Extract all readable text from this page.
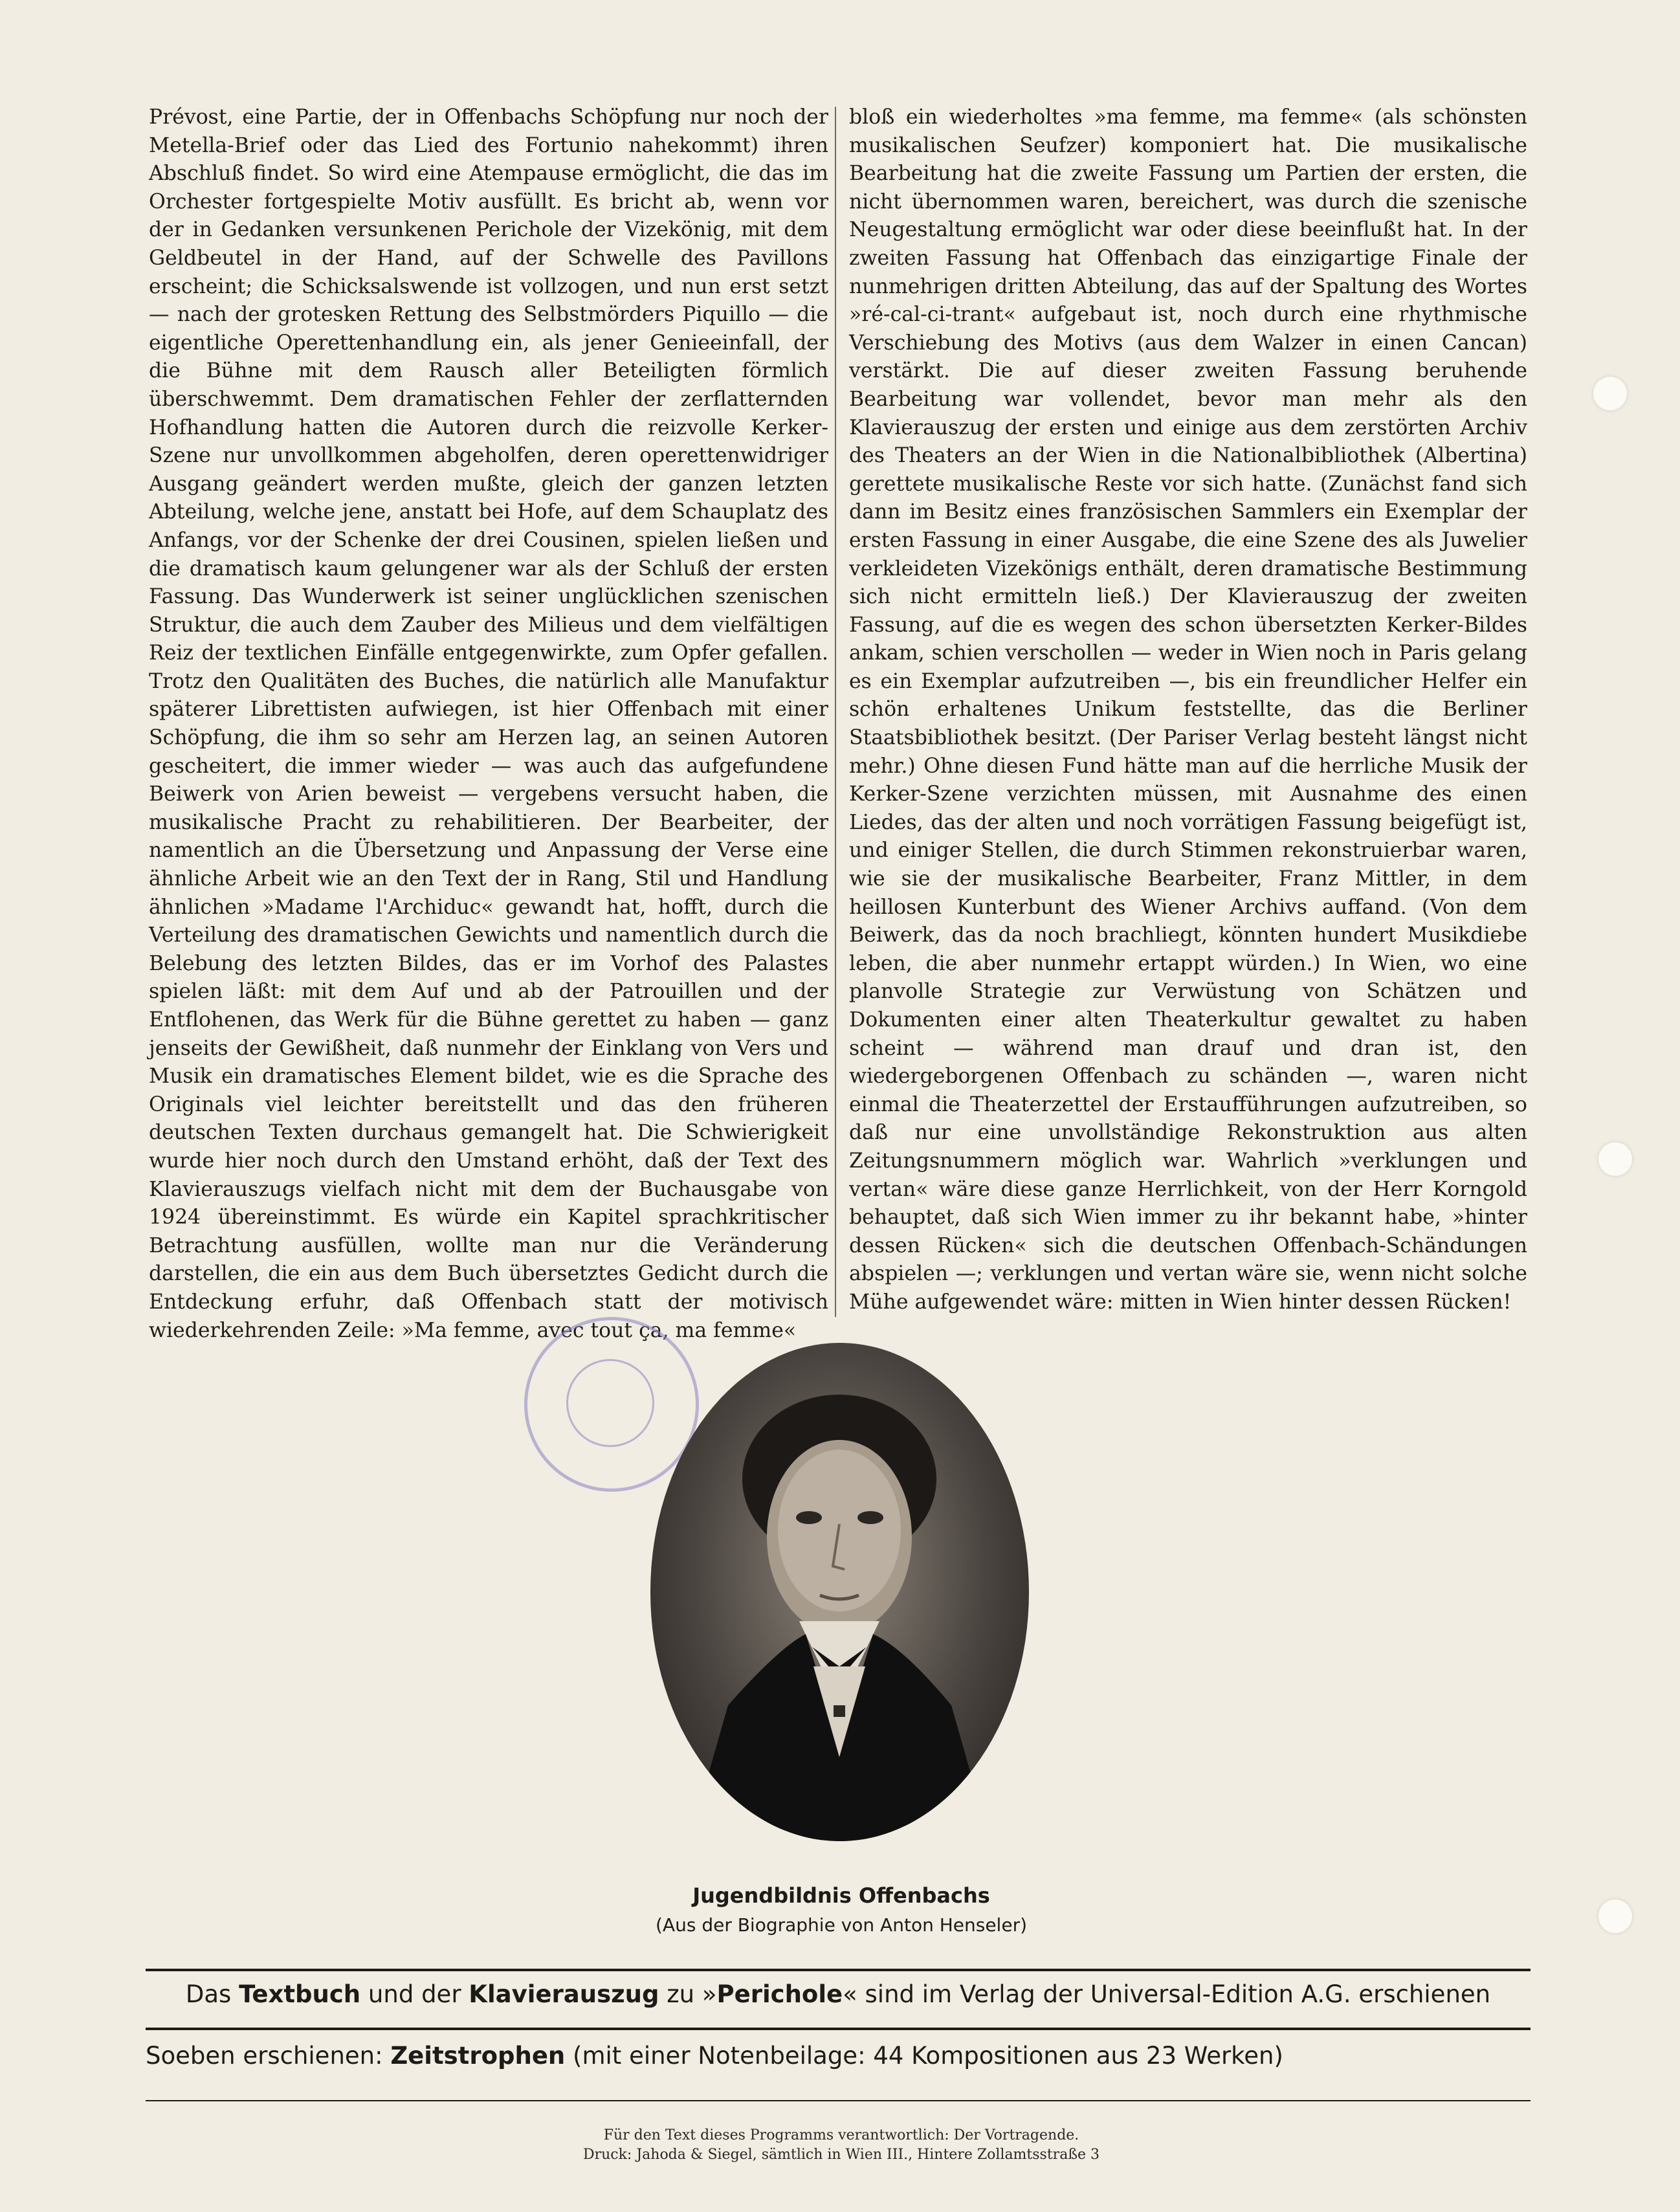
Prévost, eine Partie, der in Offenbachs Schöpfung nur noch der Metella-Brief oder das Lied des Fortunio nahekommt) ihren Abschluß findet. So wird eine Atempause ermöglicht, die das im Orchester fortgespielte Motiv ausfüllt. Es bricht ab, wenn vor der in Gedanken versunkenen Perichole der Vizekönig, mit dem Geldbeutel in der Hand, auf der Schwelle des Pavillons erscheint; die Schicksalswende ist vollzogen, und nun erst setzt — nach der grotesken Rettung des Selbstmörders Piquillo — die eigentliche Operettenhandlung ein, als jener Genieeinfall, der die Bühne mit dem Rausch aller Beteiligten förmlich überschwemmt. Dem dramatischen Fehler der zerflatternden Hofhandlung hatten die Autoren durch die reizvolle Kerker-Szene nur unvollkommen abgeholfen, deren operettenwidriger Ausgang geändert werden mußte, gleich der ganzen letzten Abteilung, welche jene, anstatt bei Hofe, auf dem Schauplatz des Anfangs, vor der Schenke der drei Cousinen, spielen ließen und die dramatisch kaum gelungener war als der Schluß der ersten Fassung. Das Wunderwerk ist seiner unglücklichen szenischen Struktur, die auch dem Zauber des Milieus und dem vielfältigen Reiz der textlichen Einfälle entgegenwirkte, zum Opfer gefallen. Trotz den Qualitäten des Buches, die natürlich alle Manufaktur späterer Librettisten aufwiegen, ist hier Offenbach mit einer Schöpfung, die ihm so sehr am Herzen lag, an seinen Autoren gescheitert, die immer wieder — was auch das aufgefundene Beiwerk von Arien beweist — vergebens versucht haben, die musikalische Pracht zu rehabilitieren. Der Bearbeiter, der namentlich an die Übersetzung und Anpassung der Verse eine ähnliche Arbeit wie an den Text der in Rang, Stil und Handlung ähnlichen »Madame l'Archiduc« gewandt hat, hofft, durch die Verteilung des dramatischen Gewichts und namentlich durch die Belebung des letzten Bildes, das er im Vorhof des Palastes spielen läßt: mit dem Auf und ab der Patrouillen und der Entflohenen, das Werk für die Bühne gerettet zu haben — ganz jenseits der Gewißheit, daß nunmehr der Einklang von Vers und Musik ein dramatisches Element bildet, wie es die Sprache des Originals viel leichter bereitstellt und das den früheren deutschen Texten durchaus gemangelt hat. Die Schwierigkeit wurde hier noch durch den Umstand erhöht, daß der Text des Klavierauszugs vielfach nicht mit dem der Buchausgabe von 1924 übereinstimmt. Es würde ein Kapitel sprachkritischer Betrachtung ausfüllen, wollte man nur die Veränderung darstellen, die ein aus dem Buch übersetztes Gedicht durch die Entdeckung erfuhr, daß Offenbach statt der motivisch wiederkehrenden Zeile: »Ma femme, avec tout ça, ma femme«

bloß ein wiederholtes »ma femme, ma femme« (als schönsten musikalischen Seufzer) komponiert hat. Die musikalische Bearbeitung hat die zweite Fassung um Partien der ersten, die nicht übernommen waren, bereichert, was durch die szenische Neugestaltung ermöglicht war oder diese beeinflußt hat. In der zweiten Fassung hat Offenbach das einzigartige Finale der nunmehrigen dritten Abteilung, das auf der Spaltung des Wortes »ré-cal-ci-trant« aufgebaut ist, noch durch eine rhythmische Verschiebung des Motivs (aus dem Walzer in einen Cancan) verstärkt. Die auf dieser zweiten Fassung beruhende Bearbeitung war vollendet, bevor man mehr als den Klavierauszug der ersten und einige aus dem zerstörten Archiv des Theaters an der Wien in die Nationalbibliothek (Albertina) gerettete musikalische Reste vor sich hatte. (Zunächst fand sich dann im Besitz eines französischen Sammlers ein Exemplar der ersten Fassung in einer Ausgabe, die eine Szene des als Juwelier verkleideten Vizekönigs enthält, deren dramatische Bestimmung sich nicht ermitteln ließ.) Der Klavierauszug der zweiten Fassung, auf die es wegen des schon übersetzten Kerker-Bildes ankam, schien verschollen — weder in Wien noch in Paris gelang es ein Exemplar aufzutreiben —, bis ein freundlicher Helfer ein schön erhaltenes Unikum feststellte, das die Berliner Staatsbibliothek besitzt. (Der Pariser Verlag besteht längst nicht mehr.) Ohne diesen Fund hätte man auf die herrliche Musik der Kerker-Szene verzichten müssen, mit Ausnahme des einen Liedes, das der alten und noch vorrätigen Fassung beigefügt ist, und einiger Stellen, die durch Stimmen rekonstruierbar waren, wie sie der musikalische Bearbeiter, Franz Mittler, in dem heillosen Kunterbunt des Wiener Archivs auffand. (Von dem Beiwerk, das da noch brachliegt, könnten hundert Musikdiebe leben, die aber nunmehr ertappt würden.) In Wien, wo eine planvolle Strategie zur Verwüstung von Schätzen und Dokumenten einer alten Theaterkultur gewaltet zu haben scheint — während man drauf und dran ist, den wiedergeborgenen Offenbach zu schänden —, waren nicht einmal die Theaterzettel der Erstaufführungen aufzutreiben, so daß nur eine unvollständige Rekonstruktion aus alten Zeitungsnummern möglich war. Wahrlich »verklungen und vertan« wäre diese ganze Herrlichkeit, von der Herr Korngold behauptet, daß sich Wien immer zu ihr bekannt habe, »hinter dessen Rücken« sich die deutschen Offenbach-Schändungen abspielen —; verklungen und vertan wäre sie, wenn nicht solche Mühe aufgewendet wäre: mitten in Wien hinter dessen Rücken!

Jugendbildnis Offenbachs
(Aus der Biographie von Anton Henseler)
Das Textbuch und der Klavierauszug zu »Perichole« sind im Verlag der Universal-Edition A.G. erschienen
Soeben erschienen: Zeitstrophen (mit einer Notenbeilage: 44 Kompositionen aus 23 Werken)
Für den Text dieses Programms verantwortlich: Der Vortragende.
Druck: Jahoda & Siegel, sämtlich in Wien III., Hintere Zollamtsstraße 3
